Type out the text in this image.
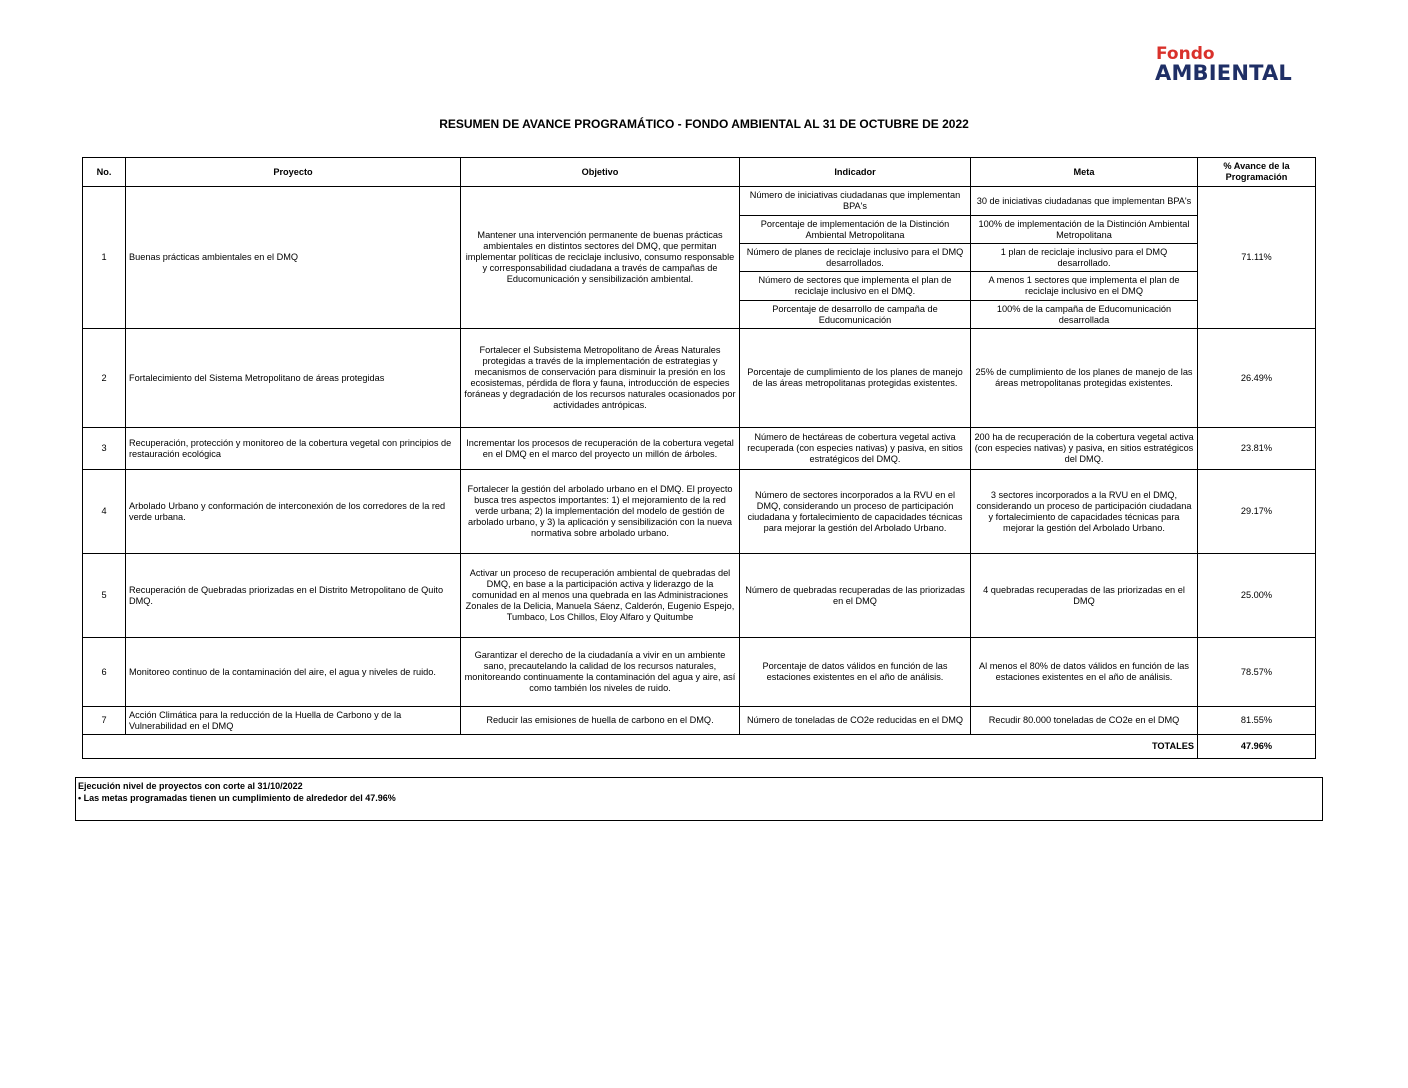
Fondo
AMBIENTAL
RESUMEN DE AVANCE PROGRAMÁTICO - FONDO AMBIENTAL AL 31 DE OCTUBRE DE 2022
No.	Proyecto	Objetivo	Indicador	Meta	% Avance de la Programación
1	Buenas prácticas ambientales en el DMQ	Mantener una intervención permanente de buenas prácticas ambientales en distintos sectores del DMQ, que permitan implementar políticas de reciclaje inclusivo, consumo responsable y corresponsabilidad ciudadana a través de campañas de Educomunicación y sensibilización ambiental.	Número de iniciativas ciudadanas que implementan BPA's	30 de iniciativas ciudadanas que implementan BPA's	71.11%
			Porcentaje de implementación de la Distinción Ambiental Metropolitana	100% de implementación de la Distinción Ambiental Metropolitana	
			Número de planes de reciclaje inclusivo para el DMQ desarrollados.	1 plan de reciclaje inclusivo para el DMQ desarrollado.	
			Número de sectores que implementa el plan de reciclaje inclusivo en el DMQ.	A menos 1 sectores que implementa el plan de reciclaje inclusivo en el DMQ	
			Porcentaje de desarrollo de campaña de Educomunicación	100% de la campaña de Educomunicación desarrollada	
2	Fortalecimiento del Sistema Metropolitano de áreas protegidas	Fortalecer el Subsistema Metropolitano de Áreas Naturales protegidas a través de la implementación de estrategias y mecanismos de conservación para disminuir la presión en los ecosistemas, pérdida de flora y fauna, introducción de especies foráneas y degradación de los recursos naturales ocasionados por actividades antrópicas.	Porcentaje de cumplimiento de los planes de manejo de las áreas metropolitanas protegidas existentes.	25% de cumplimiento de los planes de manejo de las áreas metropolitanas protegidas existentes.	26.49%
3	Recuperación, protección y monitoreo de la cobertura vegetal con principios de restauración ecológica	Incrementar los procesos de recuperación de la cobertura vegetal en el DMQ en el marco del proyecto un millón de árboles.	Número de hectáreas de cobertura vegetal activa recuperada (con especies nativas) y pasiva, en sitios estratégicos del DMQ.	200 ha de recuperación de la cobertura vegetal activa (con especies nativas) y pasiva, en sitios estratégicos del DMQ.	23.81%
4	Arbolado Urbano y conformación de interconexión de los corredores de la red verde urbana.	Fortalecer la gestión del arbolado urbano en el DMQ. El proyecto busca tres aspectos importantes: 1) el mejoramiento de la red verde urbana; 2) la implementación del modelo de gestión de arbolado urbano, y 3) la aplicación y sensibilización con la nueva normativa sobre arbolado urbano.	Número de sectores incorporados a la RVU en el DMQ, considerando un proceso de participación ciudadana y fortalecimiento de capacidades técnicas para mejorar la gestión del Arbolado Urbano.	3 sectores incorporados a la RVU en el DMQ, considerando un proceso de participación ciudadana y fortalecimiento de capacidades técnicas para mejorar la gestión del Arbolado Urbano.	29.17%
5	Recuperación de Quebradas priorizadas en el Distrito Metropolitano de Quito DMQ.	Activar un proceso de recuperación ambiental de quebradas del DMQ, en base a la participación activa y liderazgo de la comunidad en al menos una quebrada en las Administraciones Zonales de la Delicia, Manuela Sáenz, Calderón, Eugenio Espejo, Tumbaco, Los Chillos, Eloy Alfaro y Quitumbe	Número de quebradas recuperadas de las priorizadas en el DMQ	4 quebradas recuperadas de las priorizadas en el DMQ	25.00%
6	Monitoreo continuo de la contaminación del aire, el agua y niveles de ruido.	Garantizar el derecho de la ciudadanía a vivir en un ambiente sano, precautelando la calidad de los recursos naturales, monitoreando continuamente la contaminación del agua y aire, así como también los niveles de ruido.	Porcentaje de datos válidos en función de las estaciones existentes en el año de análisis.	Al menos el 80% de datos válidos en función de las estaciones existentes en el año de análisis.	78.57%
7	Acción Climática para la reducción de la Huella de Carbono y de la Vulnerabilidad en el DMQ	Reducir las emisiones de huella de carbono en el DMQ.	Número de toneladas de CO2e reducidas en el DMQ	Recudir 80.000 toneladas de CO2e en el DMQ	81.55%
TOTALES					47.96%
Ejecución nivel de proyectos con corte al 31/10/2022
• Las metas programadas tienen un cumplimiento de alrededor del 47.96%
